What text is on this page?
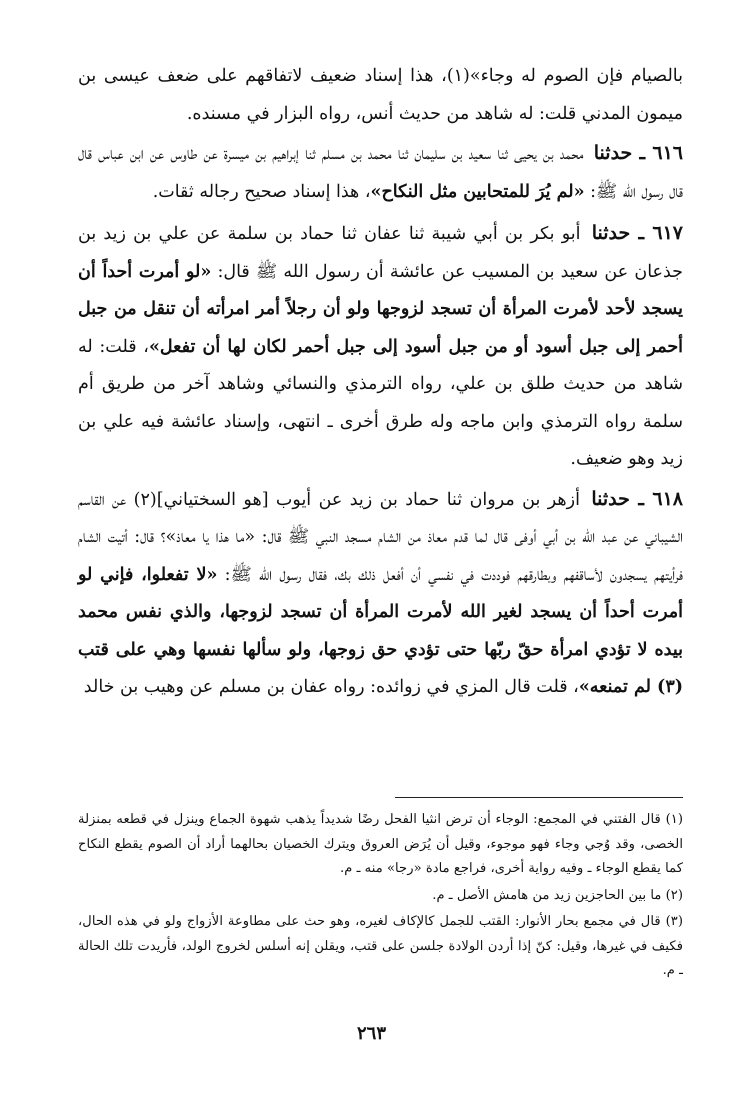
بالصيام فإن الصوم له وجاء»(١)، هذا إسناد ضعيف لاتفاقهم على ضعف عيسى بن ميمون المدني قلت: له شاهد من حديث أنس، رواه البزار في مسنده.

٦١٦ ـ حدثنا محمد بن يحيى ثنا سعيد بن سليمان ثنا محمد بن مسلم ثنا إبراهيم بن ميسرة عن طاوس عن ابن عباس قال قال رسول الله ﷺ: «لم يُرَ للمتحابين مثل النكاح»، هذا إسناد صحيح رجاله ثقات.

٦١٧ ـ حدثنا أبو بكر بن أبي شيبة ثنا عفان ثنا حماد بن سلمة عن علي بن زيد بن جذعان عن سعيد بن المسيب عن عائشة أن رسول الله ﷺ قال: «لو أمرت أحداً أن يسجد لأحد لأمرت المرأة أن تسجد لزوجها ولو أن رجلاً أمر امرأته أن تنقل من جبل أحمر إلى جبل أسود أو من جبل أسود إلى جبل أحمر لكان لها أن تفعل»، قلت: له شاهد من حديث طلق بن علي، رواه الترمذي والنسائي وشاهد آخر من طريق أم سلمة رواه الترمذي وابن ماجه وله طرق أخرى ـ انتهى، وإسناد عائشة فيه علي بن زيد وهو ضعيف.

٦١٨ ـ حدثنا أزهر بن مروان ثنا حماد بن زيد عن أيوب [هو السختياني](٢) عن القاسم الشيباني عن عبد الله بن أبي أوفى قال لما قدم معاذ من الشام مسجد النبي ﷺ قال: «ما هذا يا معاذ»؟ قال: أتيت الشام فرأيتهم يسجدون لأساقفهم وبطارقهم فوددت في نفسي أن أفعل ذلك بك، فقال رسول الله ﷺ: «لا تفعلوا، فإني لو أمرت أحداً أن يسجد لغير الله لأمرت المرأة أن تسجد لزوجها، والذي نفس محمد بيده لا تؤدي امرأة حقّ ربّها حتى تؤدي حق زوجها، ولو سألها نفسها وهي على قتب (٣) لم تمنعه»، قلت قال المزي في زوائده: رواه عفان بن مسلم عن وهيب بن خالد

(١) قال الفتني في المجمع: الوجاء أن ترض انثيا الفحل رضًا شديداً يذهب شهوة الجماع وينزل في قطعه بمنزلة الخصى، وقد وُجي وجاء فهو موجوء، وقيل أن يُرَض العروق ويترك الخصيان بحالهما أراد أن الصوم يقطع النكاح كما يقطع الوجاء ـ وفيه رواية أخرى، فراجع مادة «رجا» منه ـ م.
(٢) ما بين الحاجزين زيد من هامش الأصل ـ م.
(٣) قال في مجمع بحار الأنوار: القتب للجمل كالإكاف لغيره، وهو حث على مطاوعة الأزواج ولو في هذه الحال، فكيف في غيرها، وقيل: كنّ إذا أردن الولادة جلسن على قتب، ويقلن إنه أسلس لخروج الولد، فأريدت تلك الحالة ـ م.
٢٦٣
